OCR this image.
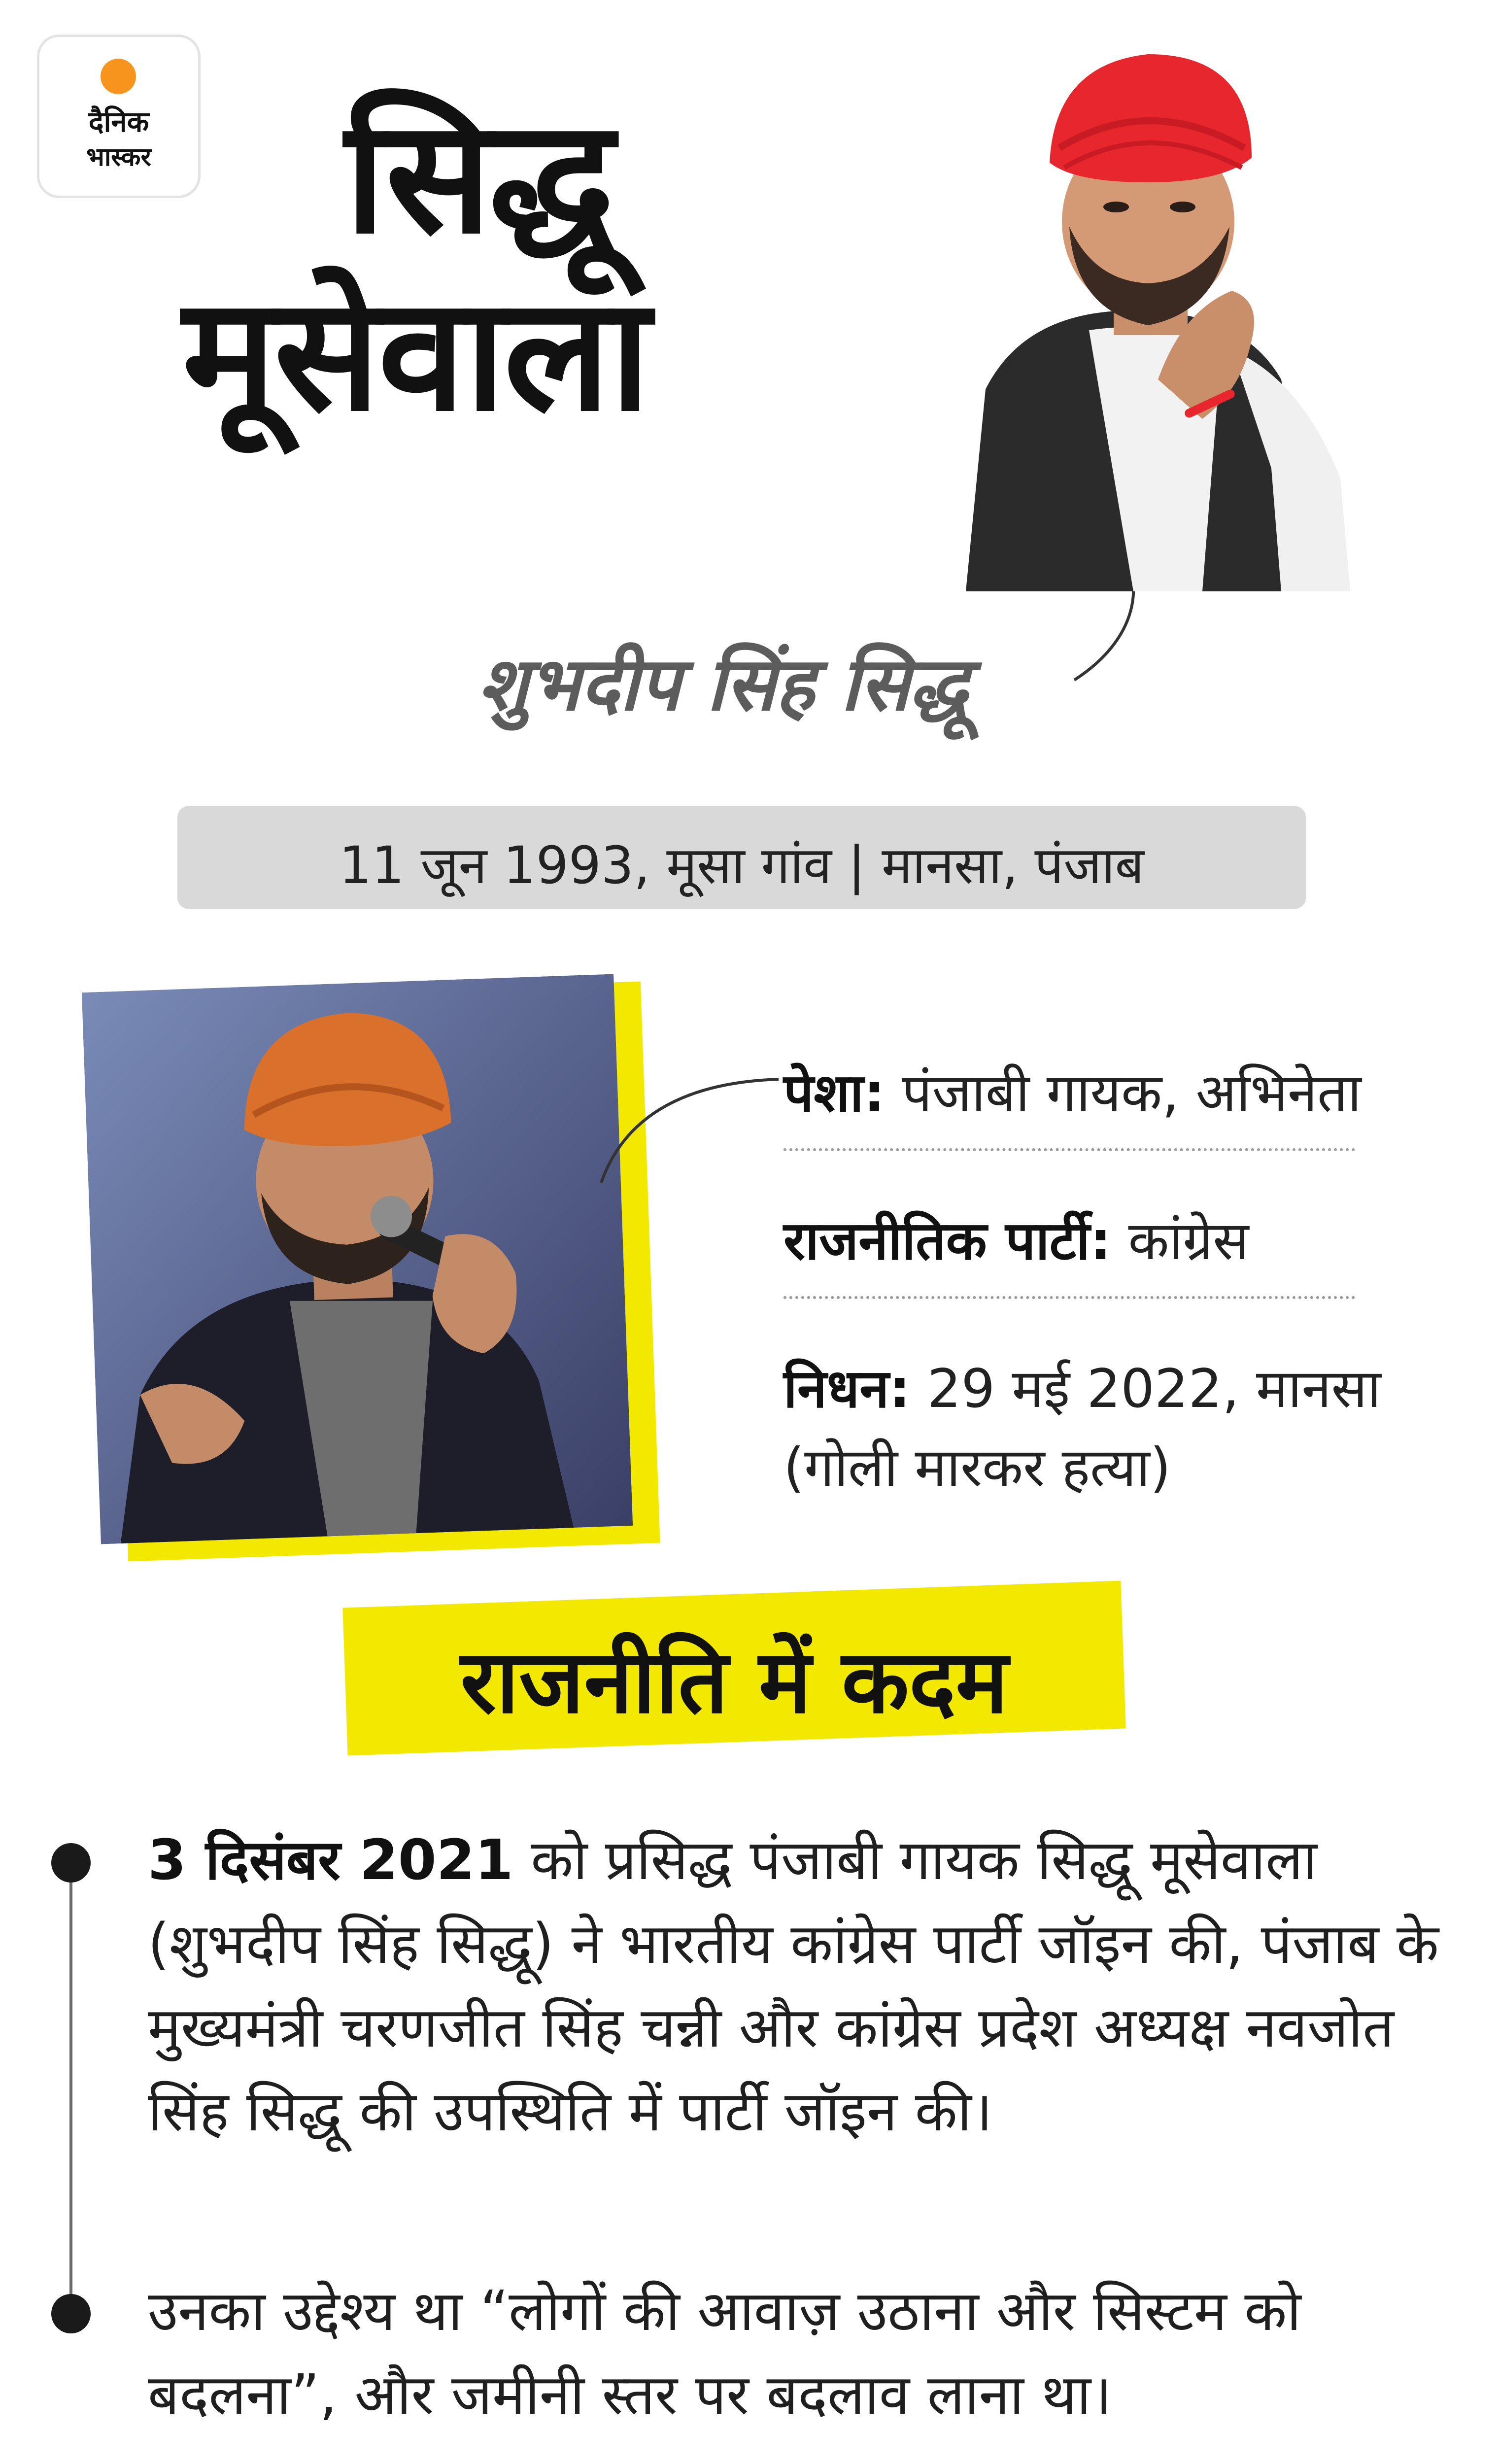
दैनिक
भास्कर सिद्धू
मूसेवाला
शुभदीप सिंह सिद्धू
11 जून 1993, मूसा गांव | मानसा, पंजाब
पेशा: पंजाबी गायक, अभिनेता
राजनीतिक पार्टी: कांग्रेस
निधन: 29 मई 2022, मानसा
(गोली मारकर हत्या)
राजनीति में कदम
3 दिसंबर 2021 को प्रसिद्ध पंजाबी गायक सिद्धू मूसेवाला (शुभदीप सिंह सिद्धू) ने भारतीय कांग्रेस पार्टी जॉइन की, पंजाब के मुख्यमंत्री चरणजीत सिंह चन्नी और कांग्रेस प्रदेश अध्यक्ष नवजोत सिंह सिद्धू की उपस्थिति में पार्टी जॉइन की।
उनका उद्देश्य था “लोगों की आवाज़ उठाना और सिस्टम को बदलना”, और जमीनी स्तर पर बदलाव लाना था।
